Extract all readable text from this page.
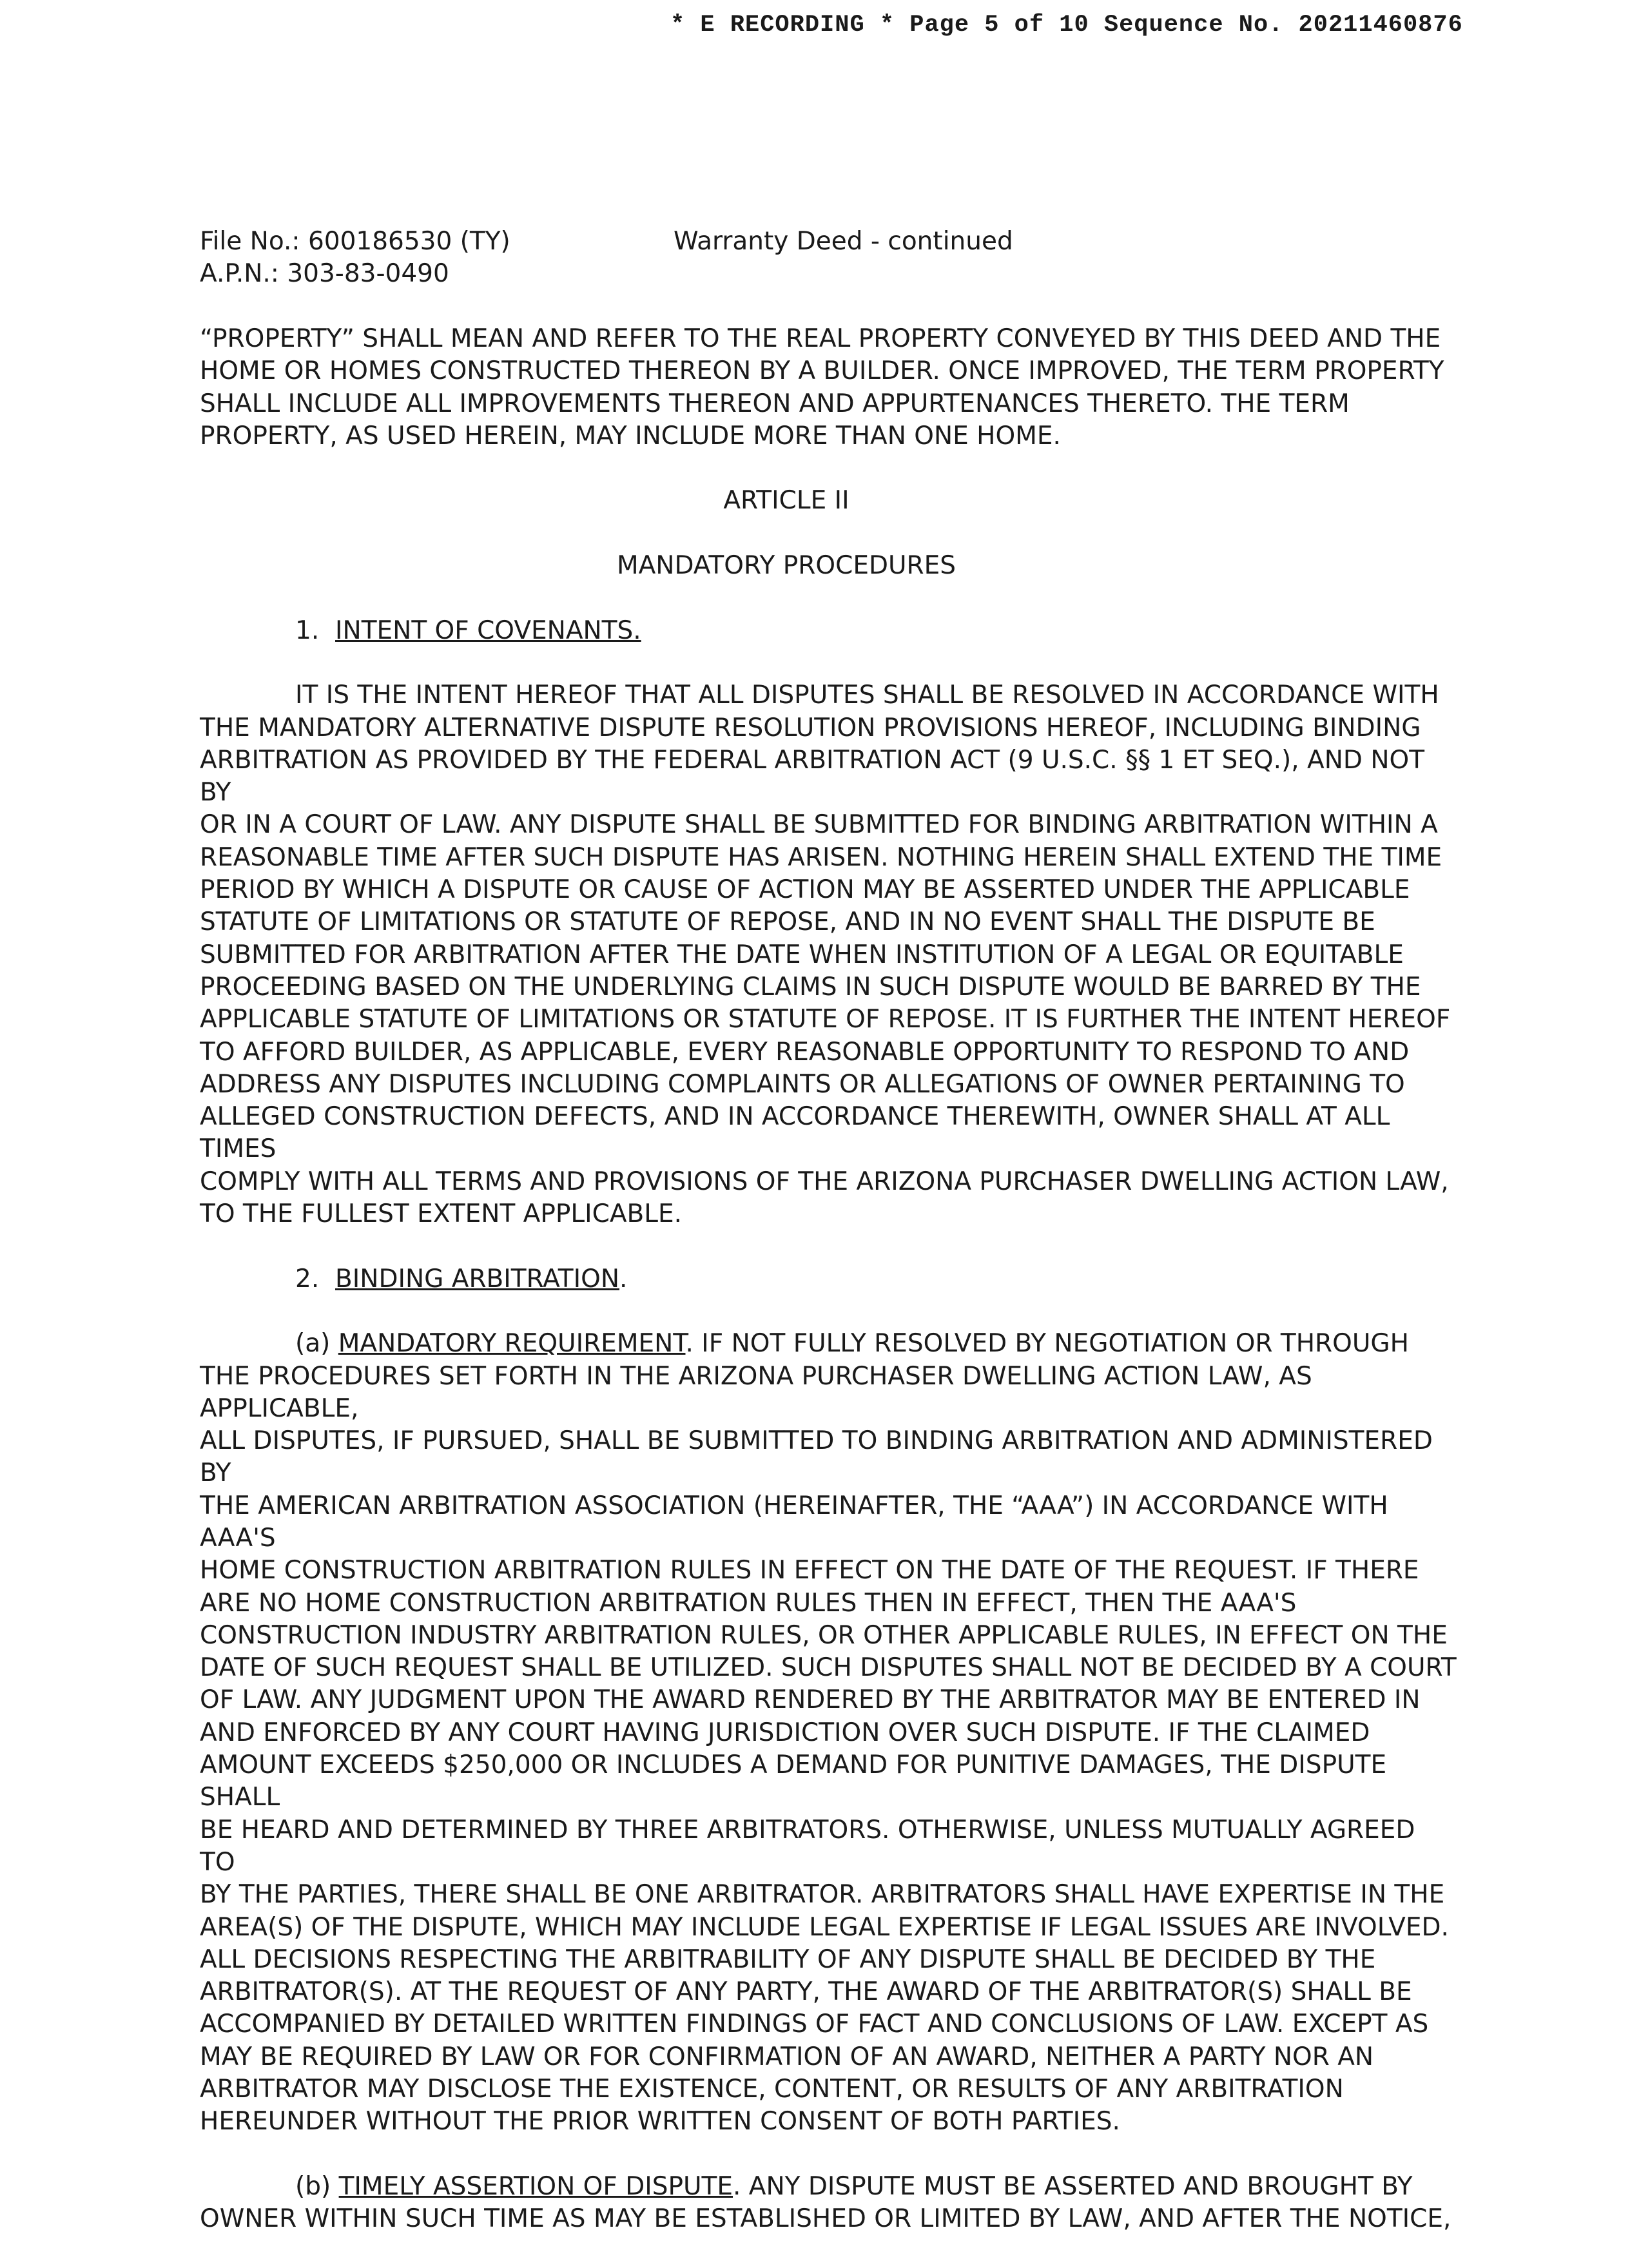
* E RECORDING * Page 5 of 10 Sequence No. 20211460876
File No.: 600186530 (TY)
A.P.N.: 303-83-0490
Warranty Deed - continued

“PROPERTY” SHALL MEAN AND REFER TO THE REAL PROPERTY CONVEYED BY THIS DEED AND THE
HOME OR HOMES CONSTRUCTED THEREON BY A BUILDER. ONCE IMPROVED, THE TERM PROPERTY
SHALL INCLUDE ALL IMPROVEMENTS THEREON AND APPURTENANCES THERETO. THE TERM
PROPERTY, AS USED HEREIN, MAY INCLUDE MORE THAN ONE HOME.

ARTICLE II

MANDATORY PROCEDURES

1. INTENT OF COVENANTS.

IT IS THE INTENT HEREOF THAT ALL DISPUTES SHALL BE RESOLVED IN ACCORDANCE WITH
THE MANDATORY ALTERNATIVE DISPUTE RESOLUTION PROVISIONS HEREOF, INCLUDING BINDING
ARBITRATION AS PROVIDED BY THE FEDERAL ARBITRATION ACT (9 U.S.C. §§ 1 ET SEQ.), AND NOT BY
OR IN A COURT OF LAW. ANY DISPUTE SHALL BE SUBMITTED FOR BINDING ARBITRATION WITHIN A
REASONABLE TIME AFTER SUCH DISPUTE HAS ARISEN. NOTHING HEREIN SHALL EXTEND THE TIME
PERIOD BY WHICH A DISPUTE OR CAUSE OF ACTION MAY BE ASSERTED UNDER THE APPLICABLE
STATUTE OF LIMITATIONS OR STATUTE OF REPOSE, AND IN NO EVENT SHALL THE DISPUTE BE
SUBMITTED FOR ARBITRATION AFTER THE DATE WHEN INSTITUTION OF A LEGAL OR EQUITABLE
PROCEEDING BASED ON THE UNDERLYING CLAIMS IN SUCH DISPUTE WOULD BE BARRED BY THE
APPLICABLE STATUTE OF LIMITATIONS OR STATUTE OF REPOSE. IT IS FURTHER THE INTENT HEREOF
TO AFFORD BUILDER, AS APPLICABLE, EVERY REASONABLE OPPORTUNITY TO RESPOND TO AND
ADDRESS ANY DISPUTES INCLUDING COMPLAINTS OR ALLEGATIONS OF OWNER PERTAINING TO
ALLEGED CONSTRUCTION DEFECTS, AND IN ACCORDANCE THEREWITH, OWNER SHALL AT ALL TIMES
COMPLY WITH ALL TERMS AND PROVISIONS OF THE ARIZONA PURCHASER DWELLING ACTION LAW,
TO THE FULLEST EXTENT APPLICABLE.

2. BINDING ARBITRATION.

(a) MANDATORY REQUIREMENT. IF NOT FULLY RESOLVED BY NEGOTIATION OR THROUGH
THE PROCEDURES SET FORTH IN THE ARIZONA PURCHASER DWELLING ACTION LAW, AS APPLICABLE,
ALL DISPUTES, IF PURSUED, SHALL BE SUBMITTED TO BINDING ARBITRATION AND ADMINISTERED BY
THE AMERICAN ARBITRATION ASSOCIATION (HEREINAFTER, THE “AAA”) IN ACCORDANCE WITH AAA'S
HOME CONSTRUCTION ARBITRATION RULES IN EFFECT ON THE DATE OF THE REQUEST. IF THERE
ARE NO HOME CONSTRUCTION ARBITRATION RULES THEN IN EFFECT, THEN THE AAA'S
CONSTRUCTION INDUSTRY ARBITRATION RULES, OR OTHER APPLICABLE RULES, IN EFFECT ON THE
DATE OF SUCH REQUEST SHALL BE UTILIZED. SUCH DISPUTES SHALL NOT BE DECIDED BY A COURT
OF LAW. ANY JUDGMENT UPON THE AWARD RENDERED BY THE ARBITRATOR MAY BE ENTERED IN
AND ENFORCED BY ANY COURT HAVING JURISDICTION OVER SUCH DISPUTE. IF THE CLAIMED
AMOUNT EXCEEDS $250,000 OR INCLUDES A DEMAND FOR PUNITIVE DAMAGES, THE DISPUTE SHALL
BE HEARD AND DETERMINED BY THREE ARBITRATORS. OTHERWISE, UNLESS MUTUALLY AGREED TO
BY THE PARTIES, THERE SHALL BE ONE ARBITRATOR. ARBITRATORS SHALL HAVE EXPERTISE IN THE
AREA(S) OF THE DISPUTE, WHICH MAY INCLUDE LEGAL EXPERTISE IF LEGAL ISSUES ARE INVOLVED.
ALL DECISIONS RESPECTING THE ARBITRABILITY OF ANY DISPUTE SHALL BE DECIDED BY THE
ARBITRATOR(S). AT THE REQUEST OF ANY PARTY, THE AWARD OF THE ARBITRATOR(S) SHALL BE
ACCOMPANIED BY DETAILED WRITTEN FINDINGS OF FACT AND CONCLUSIONS OF LAW. EXCEPT AS
MAY BE REQUIRED BY LAW OR FOR CONFIRMATION OF AN AWARD, NEITHER A PARTY NOR AN
ARBITRATOR MAY DISCLOSE THE EXISTENCE, CONTENT, OR RESULTS OF ANY ARBITRATION
HEREUNDER WITHOUT THE PRIOR WRITTEN CONSENT OF BOTH PARTIES.

(b) TIMELY ASSERTION OF DISPUTE. ANY DISPUTE MUST BE ASSERTED AND BROUGHT BY
OWNER WITHIN SUCH TIME AS MAY BE ESTABLISHED OR LIMITED BY LAW, AND AFTER THE NOTICE,
